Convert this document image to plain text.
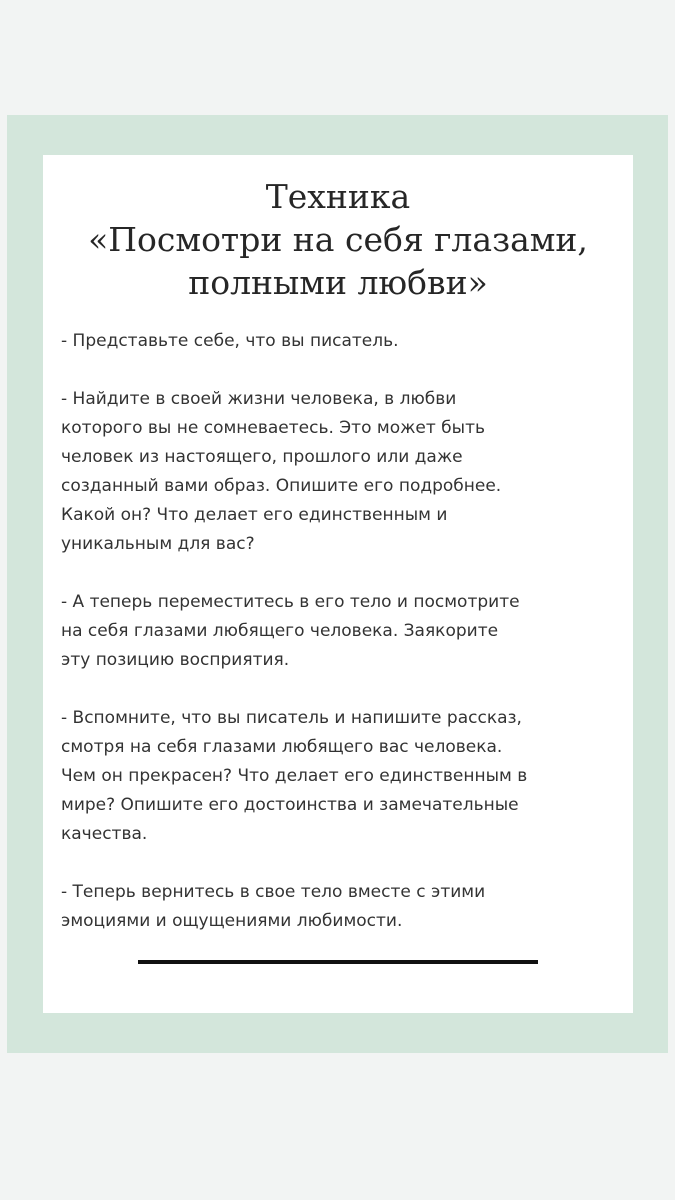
Техника
«Посмотри на себя глазами,
полными любви»
- Представьте себе, что вы писатель.
- Найдите в своей жизни человека, в любви
которого вы не сомневаетесь. Это может быть
человек из настоящего, прошлого или даже
созданный вами образ. Опишите его подробнее.
Какой он? Что делает его единственным и
уникальным для вас?
- А теперь переместитесь в его тело и посмотрите
на себя глазами любящего человека. Заякорите
эту позицию восприятия.
- Вспомните, что вы писатель и напишите рассказ,
смотря на себя глазами любящего вас человека.
Чем он прекрасен? Что делает его единственным в
мире? Опишите его достоинства и замечательные
качества.
- Теперь вернитесь в свое тело вместе с этими
эмоциями и ощущениями любимости.
